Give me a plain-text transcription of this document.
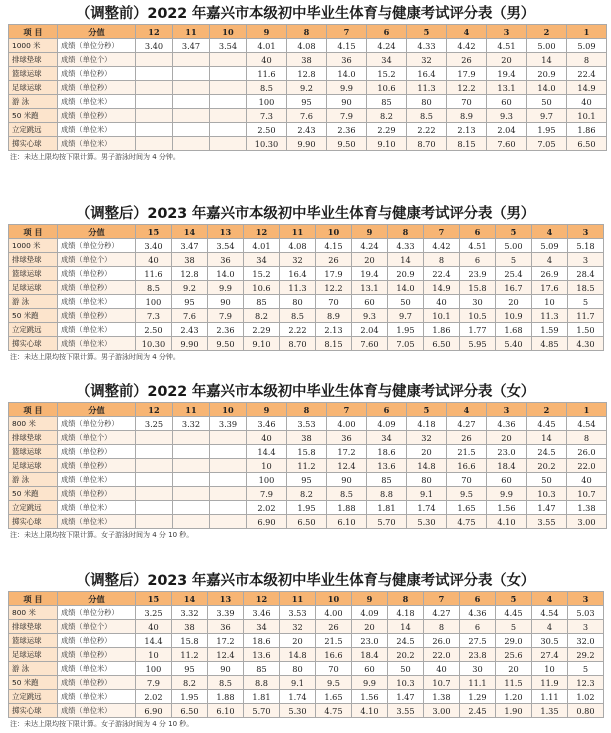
（调整前）2022 年嘉兴市本级初中毕业生体育与健康考试评分表（男）
项 目	分值	12	11	10	9	8	7	6	5	4	3	2	1
1000 米	成绩（单位分秒）	3.40	3.47	3.54	4.01	4.08	4.15	4.24	4.33	4.42	4.51	5.00	5.09
排球垫球	成绩（单位个）				40	38	36	34	32	26	20	14	8
篮球运球	成绩（单位秒）				11.6	12.8	14.0	15.2	16.4	17.9	19.4	20.9	22.4
足球运球	成绩（单位秒）				8.5	9.2	9.9	10.6	11.3	12.2	13.1	14.0	14.9
游 泳	成绩（单位米）				100	95	90	85	80	70	60	50	40
50 米跑	成绩（单位秒）				7.3	7.6	7.9	8.2	8.5	8.9	9.3	9.7	10.1
立定跳远	成绩（单位米）				2.50	2.43	2.36	2.29	2.22	2.13	2.04	1.95	1.86
掷实心球	成绩（单位米）				10.30	9.90	9.50	9.10	8.70	8.15	7.60	7.05	6.50
注：未达上限均按下限计算。男子游泳时间为 4 分钟。
（调整后）2023 年嘉兴市本级初中毕业生体育与健康考试评分表（男）
项 目	分值	15	14	13	12	11	10	9	8	7	6	5	4	3
1000 米	成绩（单位分秒）	3.40	3.47	3.54	4.01	4.08	4.15	4.24	4.33	4.42	4.51	5.00	5.09	5.18
排球垫球	成绩（单位个）	40	38	36	34	32	26	20	14	8	6	5	4	3
篮球运球	成绩（单位秒）	11.6	12.8	14.0	15.2	16.4	17.9	19.4	20.9	22.4	23.9	25.4	26.9	28.4
足球运球	成绩（单位秒）	8.5	9.2	9.9	10.6	11.3	12.2	13.1	14.0	14.9	15.8	16.7	17.6	18.5
游 泳	成绩（单位米）	100	95	90	85	80	70	60	50	40	30	20	10	5
50 米跑	成绩（单位秒）	7.3	7.6	7.9	8.2	8.5	8.9	9.3	9.7	10.1	10.5	10.9	11.3	11.7
立定跳远	成绩（单位米）	2.50	2.43	2.36	2.29	2.22	2.13	2.04	1.95	1.86	1.77	1.68	1.59	1.50
掷实心球	成绩（单位米）	10.30	9.90	9.50	9.10	8.70	8.15	7.60	7.05	6.50	5.95	5.40	4.85	4.30
注：未达上限均按下限计算。男子游泳时间为 4 分钟。
（调整前）2022 年嘉兴市本级初中毕业生体育与健康考试评分表（女）
项 目	分值	12	11	10	9	8	7	6	5	4	3	2	1
800 米	成绩（单位分秒）	3.25	3.32	3.39	3.46	3.53	4.00	4.09	4.18	4.27	4.36	4.45	4.54
排球垫球	成绩（单位个）				40	38	36	34	32	26	20	14	8
篮球运球	成绩（单位秒）				14.4	15.8	17.2	18.6	20	21.5	23.0	24.5	26.0
足球运球	成绩（单位秒）				10	11.2	12.4	13.6	14.8	16.6	18.4	20.2	22.0
游 泳	成绩（单位米）				100	95	90	85	80	70	60	50	40
50 米跑	成绩（单位秒）				7.9	8.2	8.5	8.8	9.1	9.5	9.9	10.3	10.7
立定跳远	成绩（单位米）				2.02	1.95	1.88	1.81	1.74	1.65	1.56	1.47	1.38
掷实心球	成绩（单位米）				6.90	6.50	6.10	5.70	5.30	4.75	4.10	3.55	3.00
注：未达上限均按下限计算。女子游泳时间为 4 分 10 秒。
（调整后）2023 年嘉兴市本级初中毕业生体育与健康考试评分表（女）
项 目	分值	15	14	13	12	11	10	9	8	7	6	5	4	3
800 米	成绩（单位分秒）	3.25	3.32	3.39	3.46	3.53	4.00	4.09	4.18	4.27	4.36	4.45	4.54	5.03
排球垫球	成绩（单位个）	40	38	36	34	32	26	20	14	8	6	5	4	3
篮球运球	成绩（单位秒）	14.4	15.8	17.2	18.6	20	21.5	23.0	24.5	26.0	27.5	29.0	30.5	32.0
足球运球	成绩（单位秒）	10	11.2	12.4	13.6	14.8	16.6	18.4	20.2	22.0	23.8	25.6	27.4	29.2
游 泳	成绩（单位米）	100	95	90	85	80	70	60	50	40	30	20	10	5
50 米跑	成绩（单位秒）	7.9	8.2	8.5	8.8	9.1	9.5	9.9	10.3	10.7	11.1	11.5	11.9	12.3
立定跳远	成绩（单位米）	2.02	1.95	1.88	1.81	1.74	1.65	1.56	1.47	1.38	1.29	1.20	1.11	1.02
掷实心球	成绩（单位米）	6.90	6.50	6.10	5.70	5.30	4.75	4.10	3.55	3.00	2.45	1.90	1.35	0.80
注：未达上限均按下限计算。女子游泳时间为 4 分 10 秒。
